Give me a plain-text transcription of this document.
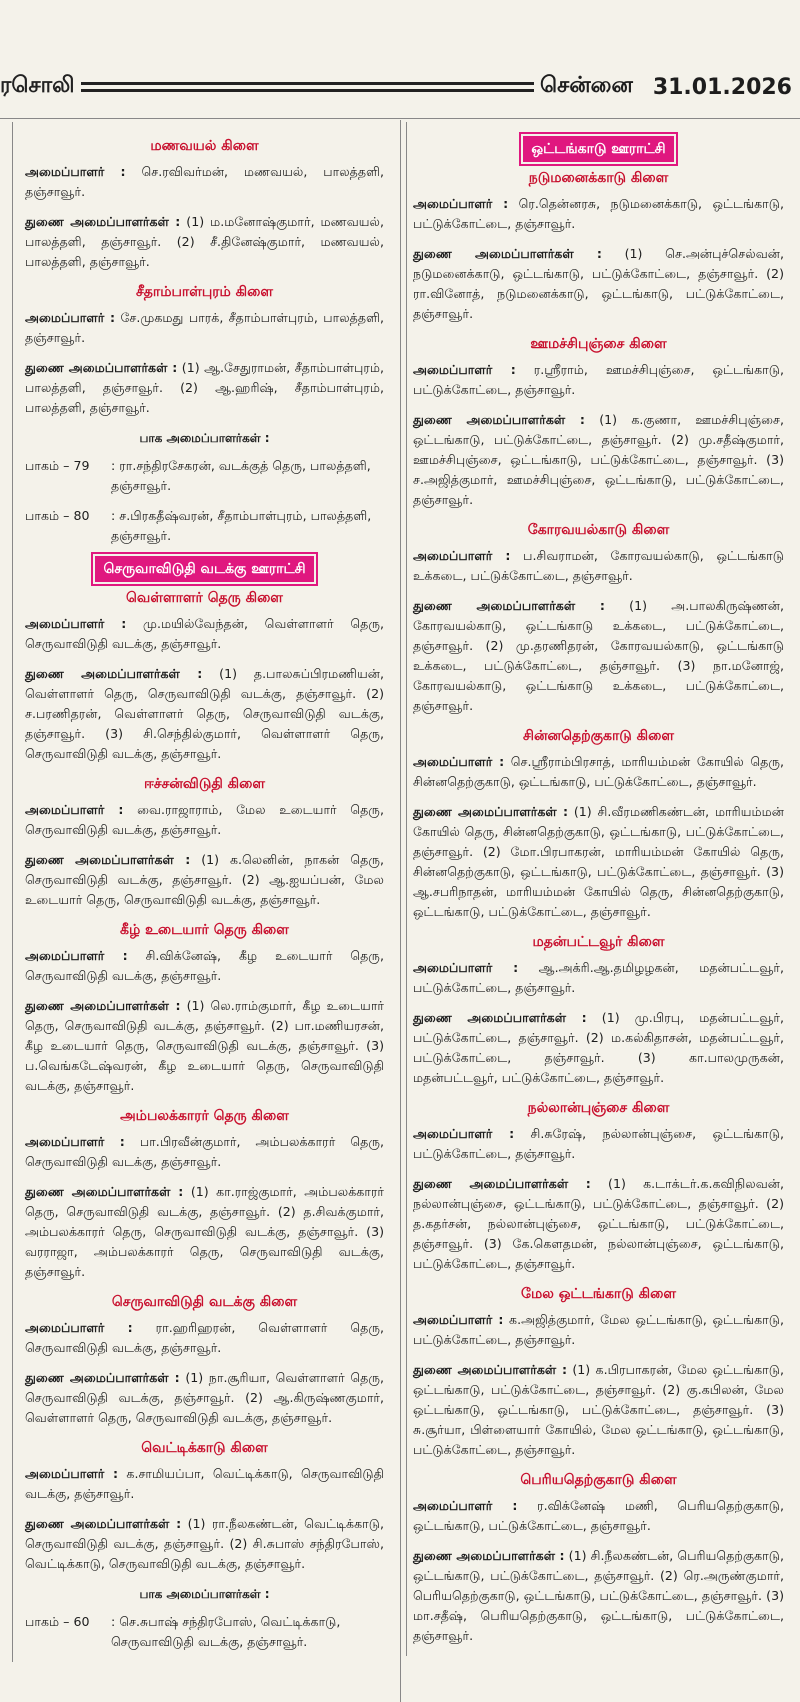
ரசொலி	சென்னை 31.01.2026
மணவயல் கிளை

அமைப்பாளர் : செ.ரவிவர்மன், மணவயல், பாலத்தளி, தஞ்சாவூர்.

துணை அமைப்பாளர்கள் : (1) ம.மனோஷ்குமார், மணவயல், பாலத்தளி, தஞ்சாவூர். (2) சீ.தினேஷ்குமார், மணவயல், பாலத்தளி, தஞ்சாவூர்.

சீதாம்பாள்புரம் கிளை

அமைப்பாளர் : சே.முகமது பாரக், சீதாம்பாள்புரம், பாலத்தளி, தஞ்சாவூர்.

துணை அமைப்பாளர்கள் : (1) ஆ.சேதுராமன், சீதாம்பாள்புரம், பாலத்தளி, தஞ்சாவூர். (2) ஆ.ஹரிஷ், சீதாம்பாள்புரம், பாலத்தளி, தஞ்சாவூர்.

பாக அமைப்பாளர்கள் :
பாகம் – 79	: ரா.சந்திரசேகரன், வடக்குத் தெரு, பாலத்தளி, தஞ்சாவூர்.
பாகம் – 80	: ச.பிரகதீஷ்வரன், சீதாம்பாள்புரம், பாலத்தளி, தஞ்சாவூர்.
செருவாவிடுதி வடக்கு ஊராட்சி
வெள்ளாளர் தெரு கிளை

அமைப்பாளர் : மு.மயில்வேந்தன், வெள்ளாளர் தெரு, செருவாவிடுதி வடக்கு, தஞ்சாவூர்.

துணை அமைப்பாளர்கள் : (1) த.பாலசுப்பிரமணியன், வெள்ளாளர் தெரு, செருவாவிடுதி வடக்கு, தஞ்சாவூர். (2) ச.பரணிதரன், வெள்ளாளர் தெரு, செருவாவிடுதி வடக்கு, தஞ்சாவூர். (3) சி.செந்தில்குமார், வெள்ளாளர் தெரு, செருவாவிடுதி வடக்கு, தஞ்சாவூர்.

ஈச்சன்விடுதி கிளை

அமைப்பாளர் : வை.ராஜாராம், மேல உடையார் தெரு, செருவாவிடுதி வடக்கு, தஞ்சாவூர்.

துணை அமைப்பாளர்கள் : (1) க.லெனின், நாகன் தெரு, செருவாவிடுதி வடக்கு, தஞ்சாவூர். (2) ஆ.ஐயப்பன், மேல உடையார் தெரு, செருவாவிடுதி வடக்கு, தஞ்சாவூர்.

கீழ் உடையார் தெரு கிளை

அமைப்பாளர் : சி.விக்னேஷ், கீழ உடையார் தெரு, செருவாவிடுதி வடக்கு, தஞ்சாவூர்.

துணை அமைப்பாளர்கள் : (1) லெ.ராம்குமார், கீழ உடையார் தெரு, செருவாவிடுதி வடக்கு, தஞ்சாவூர். (2) பா.மணியரசன், கீழ உடையார் தெரு, செருவாவிடுதி வடக்கு, தஞ்சாவூர். (3) ப.வெங்கடேஷ்வரன், கீழ உடையார் தெரு, செருவாவிடுதி வடக்கு, தஞ்சாவூர்.

அம்பலக்காரர் தெரு கிளை

அமைப்பாளர் : பா.பிரவீன்குமார், அம்பலக்காரர் தெரு, செருவாவிடுதி வடக்கு, தஞ்சாவூர்.

துணை அமைப்பாளர்கள் : (1) கா.ராஜ்குமார், அம்பலக்காரர் தெரு, செருவாவிடுதி வடக்கு, தஞ்சாவூர். (2) த.சிவக்குமார், அம்பலக்காரர் தெரு, செருவாவிடுதி வடக்கு, தஞ்சாவூர். (3) வரராஜா, அம்பலக்காரர் தெரு, செருவாவிடுதி வடக்கு, தஞ்சாவூர்.

செருவாவிடுதி வடக்கு கிளை

அமைப்பாளர் : ரா.ஹரிஹரன், வெள்ளாளர் தெரு, செருவாவிடுதி வடக்கு, தஞ்சாவூர்.

துணை அமைப்பாளர்கள் : (1) நா.சூரியா, வெள்ளாளர் தெரு, செருவாவிடுதி வடக்கு, தஞ்சாவூர். (2) ஆ.கிருஷ்ணகுமார், வெள்ளாளர் தெரு, செருவாவிடுதி வடக்கு, தஞ்சாவூர்.

வெட்டிக்காடு கிளை

அமைப்பாளர் : க.சாமியப்பா, வெட்டிக்காடு, செருவாவிடுதி வடக்கு, தஞ்சாவூர்.

துணை அமைப்பாளர்கள் : (1) ரா.நீலகண்டன், வெட்டிக்காடு, செருவாவிடுதி வடக்கு, தஞ்சாவூர். (2) சி.சுபாஸ் சந்திரபோஸ், வெட்டிக்காடு, செருவாவிடுதி வடக்கு, தஞ்சாவூர்.

பாக அமைப்பாளர்கள் :
பாகம் – 60	: செ.சுபாஷ் சந்திரபோஸ், வெட்டிக்காடு, செருவாவிடுதி வடக்கு, தஞ்சாவூர்.
ஒட்டங்காடு ஊராட்சி
நடுமனைக்காடு கிளை

அமைப்பாளர் : ரெ.தென்னரசு, நடுமனைக்காடு, ஒட்டங்காடு, பட்டுக்கோட்டை, தஞ்சாவூர்.

துணை அமைப்பாளர்கள் : (1) செ.அன்புச்செல்வன், நடுமனைக்காடு, ஒட்டங்காடு, பட்டுக்கோட்டை, தஞ்சாவூர். (2) ரா.வினோத், நடுமனைக்காடு, ஒட்டங்காடு, பட்டுக்கோட்டை, தஞ்சாவூர்.

ஊமச்சிபுஞ்சை கிளை

அமைப்பாளர் : ர.ஸ்ரீராம், ஊமச்சிபுஞ்சை, ஒட்டங்காடு, பட்டுக்கோட்டை, தஞ்சாவூர்.

துணை அமைப்பாளர்கள் : (1) க.குணா, ஊமச்சிபுஞ்சை, ஒட்டங்காடு, பட்டுக்கோட்டை, தஞ்சாவூர். (2) மு.சதீஷ்குமார், ஊமச்சிபுஞ்சை, ஒட்டங்காடு, பட்டுக்கோட்டை, தஞ்சாவூர். (3) ச.அஜித்குமார், ஊமச்சிபுஞ்சை, ஒட்டங்காடு, பட்டுக்கோட்டை, தஞ்சாவூர்.

கோரவயல்காடு கிளை

அமைப்பாளர் : ப.சிவராமன், கோரவயல்காடு, ஒட்டங்காடு உக்கடை, பட்டுக்கோட்டை, தஞ்சாவூர்.

துணை அமைப்பாளர்கள் : (1) அ.பாலகிருஷ்ணன், கோரவயல்காடு, ஒட்டங்காடு உக்கடை, பட்டுக்கோட்டை, தஞ்சாவூர். (2) மு.தரணிதரன், கோரவயல்காடு, ஒட்டங்காடு உக்கடை, பட்டுக்கோட்டை, தஞ்சாவூர். (3) நா.மனோஜ், கோரவயல்காடு, ஒட்டங்காடு உக்கடை, பட்டுக்கோட்டை, தஞ்சாவூர்.

சின்னதெற்குகாடு கிளை

அமைப்பாளர் : செ.ஸ்ரீராம்பிரசாத், மாரியம்மன் கோயில் தெரு, சின்னதெற்குகாடு, ஒட்டங்காடு, பட்டுக்கோட்டை, தஞ்சாவூர்.

துணை அமைப்பாளர்கள் : (1) சி.வீரமணிகண்டன், மாரியம்மன் கோயில் தெரு, சின்னதெற்குகாடு, ஒட்டங்காடு, பட்டுக்கோட்டை, தஞ்சாவூர். (2) மோ.பிரபாகரன், மாரியம்மன் கோயில் தெரு, சின்னதெற்குகாடு, ஒட்டங்காடு, பட்டுக்கோட்டை, தஞ்சாவூர். (3) ஆ.சபரிநாதன், மாரியம்மன் கோயில் தெரு, சின்னதெற்குகாடு, ஒட்டங்காடு, பட்டுக்கோட்டை, தஞ்சாவூர்.

மதன்பட்டவூர் கிளை

அமைப்பாளர் : ஆ.அக்ரி.ஆ.தமிழழகன், மதன்பட்டவூர், பட்டுக்கோட்டை, தஞ்சாவூர்.

துணை அமைப்பாளர்கள் : (1) மு.பிரபு, மதன்பட்டவூர், பட்டுக்கோட்டை, தஞ்சாவூர். (2) ம.கல்கிதாசன், மதன்பட்டவூர், பட்டுக்கோட்டை, தஞ்சாவூர். (3) கா.பாலமுருகன், மதன்பட்டவூர், பட்டுக்கோட்டை, தஞ்சாவூர்.

நல்லான்புஞ்சை கிளை

அமைப்பாளர் : சி.சுரேஷ், நல்லான்புஞ்சை, ஒட்டங்காடு, பட்டுக்கோட்டை, தஞ்சாவூர்.

துணை அமைப்பாளர்கள் : (1) க.டாக்டர்.க.கவிநிலவன், நல்லான்புஞ்சை, ஒட்டங்காடு, பட்டுக்கோட்டை, தஞ்சாவூர். (2) த.கதர்சன், நல்லான்புஞ்சை, ஒட்டங்காடு, பட்டுக்கோட்டை, தஞ்சாவூர். (3) கே.கௌதமன், நல்லான்புஞ்சை, ஒட்டங்காடு, பட்டுக்கோட்டை, தஞ்சாவூர்.

மேல ஒட்டங்காடு கிளை

அமைப்பாளர் : க.அஜித்குமார், மேல ஒட்டங்காடு, ஒட்டங்காடு, பட்டுக்கோட்டை, தஞ்சாவூர்.

துணை அமைப்பாளர்கள் : (1) க.பிரபாகரன், மேல ஒட்டங்காடு, ஒட்டங்காடு, பட்டுக்கோட்டை, தஞ்சாவூர். (2) கு.கபிலன், மேல ஒட்டங்காடு, ஒட்டங்காடு, பட்டுக்கோட்டை, தஞ்சாவூர். (3) சு.சூர்யா, பிள்ளையார் கோயில், மேல ஒட்டங்காடு, ஒட்டங்காடு, பட்டுக்கோட்டை, தஞ்சாவூர்.

பெரியதெற்குகாடு கிளை

அமைப்பாளர் : ர.விக்னேஷ் மணி, பெரியதெற்குகாடு, ஒட்டங்காடு, பட்டுக்கோட்டை, தஞ்சாவூர்.

துணை அமைப்பாளர்கள் : (1) சி.நீலகண்டன், பெரியதெற்குகாடு, ஒட்டங்காடு, பட்டுக்கோட்டை, தஞ்சாவூர். (2) ரெ.அருண்குமார், பெரியதெற்குகாடு, ஒட்டங்காடு, பட்டுக்கோட்டை, தஞ்சாவூர். (3) மா.சதீஷ், பெரியதெற்குகாடு, ஒட்டங்காடு, பட்டுக்கோட்டை, தஞ்சாவூர்.
